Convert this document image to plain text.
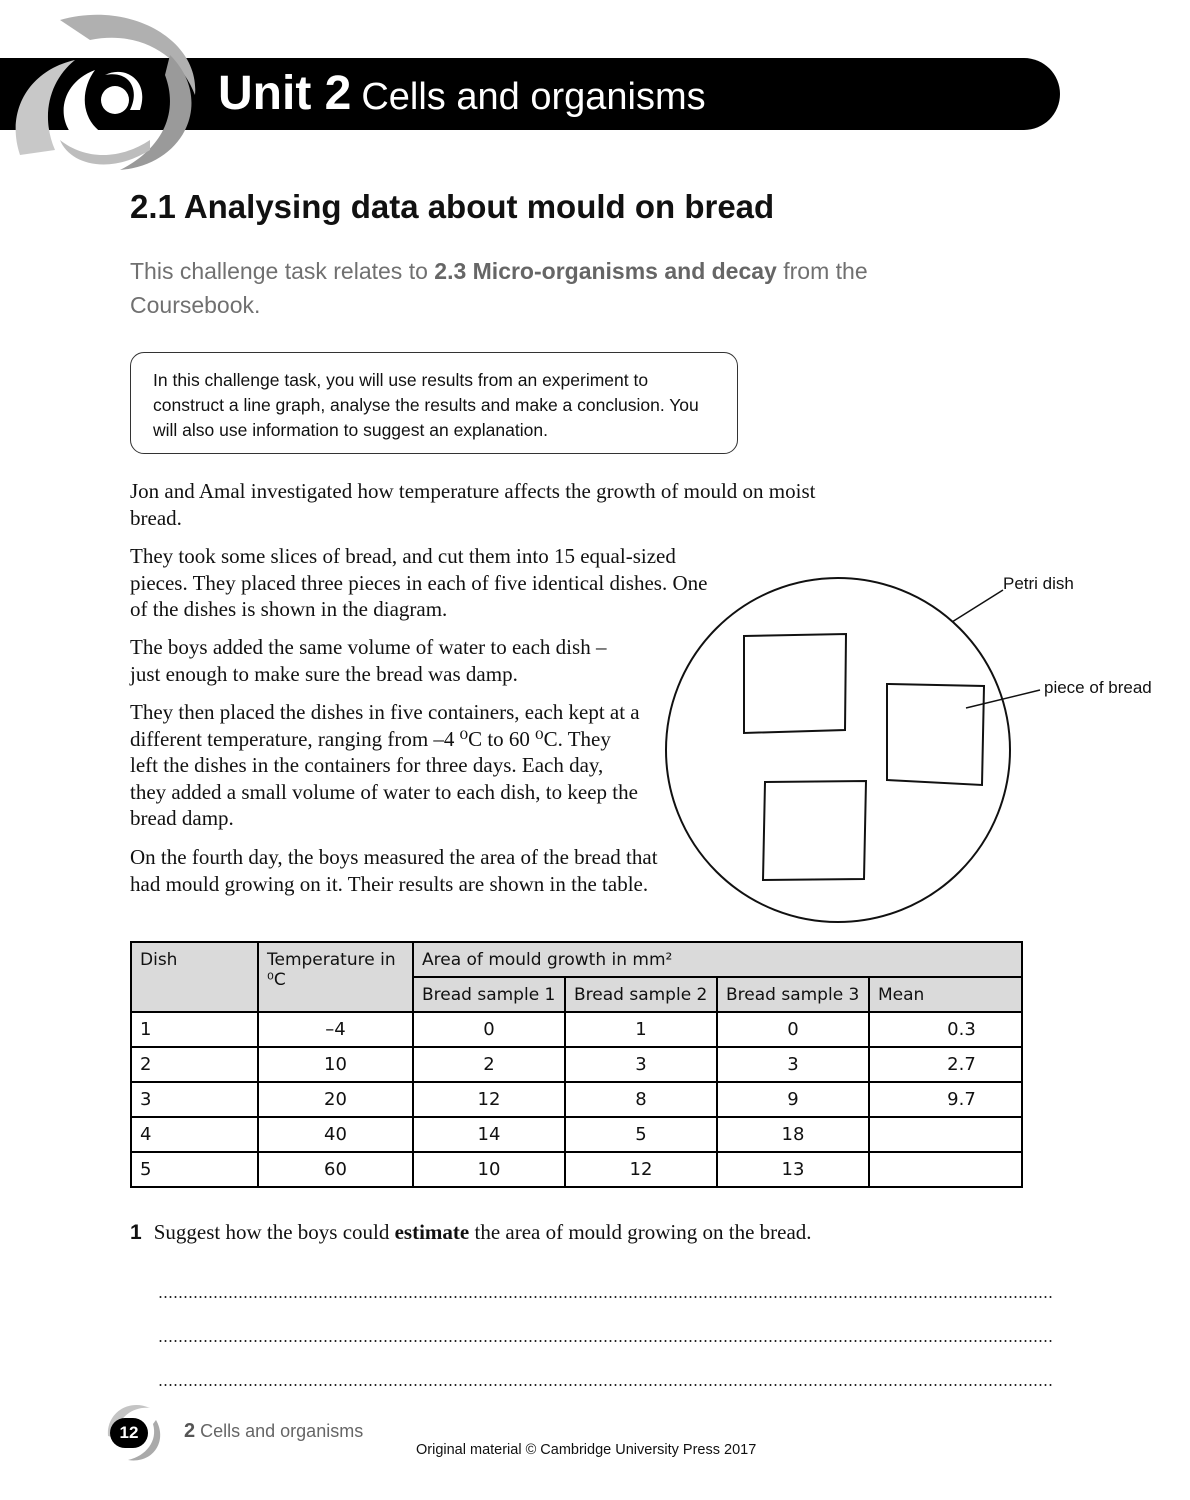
Unit 2 Cells and organisms
2.1 Analysing data about mould on bread
This challenge task relates to 2.3 Micro-organisms and decay from the Coursebook.
In this challenge task, you will use results from an experiment to construct a line graph, analyse the results and make a conclusion. You will also use information to suggest an explanation.

Jon and Amal investigated how temperature affects the growth of mould on moist bread.

They took some slices of bread, and cut them into 15 equal-sized pieces. They placed three pieces in each of five identical dishes. One of the dishes is shown in the diagram.

The boys added the same volume of water to each dish – just enough to make sure the bread was damp.

They then placed the dishes in five containers, each kept at a different temperature, ranging from –4 ⁰C to 60 ⁰C. They left the dishes in the containers for three days. Each day, they added a small volume of water to each dish, to keep the bread damp.

On the fourth day, the boys measured the area of the bread that had mould growing on it. Their results are shown in the table.

Petri dish
piece of bread
Dish	Temperature in ⁰C	Area of mould growth in mm²			
		Bread sample 1	Bread sample 2	Bread sample 3	Mean
1	–4	0	1	0	0.3
2	10	2	3	3	2.7
3	20	12	8	9	9.7
4	40	14	5	18	
5	60	10	12	13	
1 Suggest how the boys could estimate the area of mould growing on the bread.
12	2 Cells and organisms
Original material © Cambridge University Press 2017
